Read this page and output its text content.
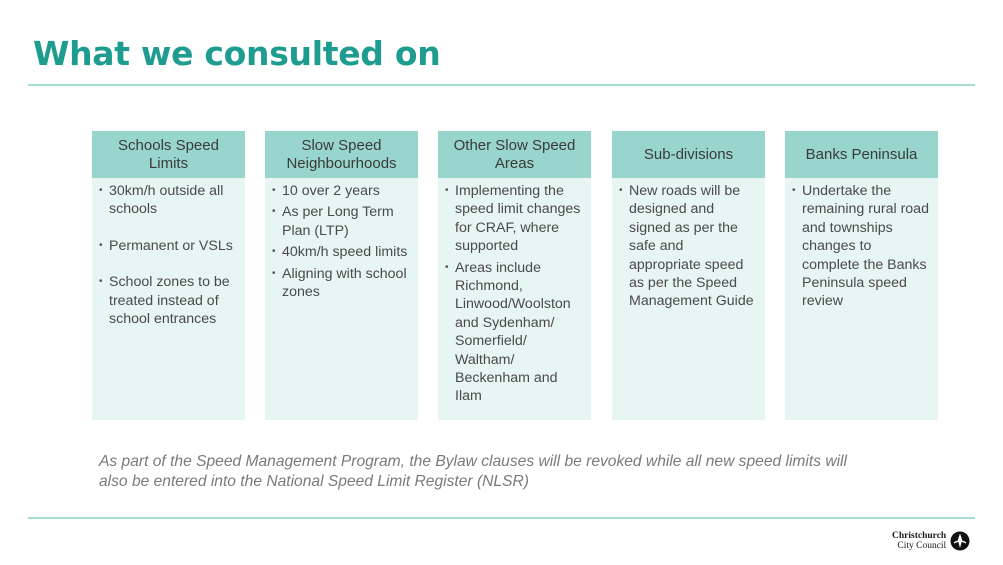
What we consulted on
Schools Speed Limits
• 30km/h outside all schools
• Permanent or VSLs
• School zones to be treated instead of school entrances
Slow Speed Neighbourhoods
• 10 over 2 years
• As per Long Term Plan (LTP)
• 40km/h speed limits
• Aligning with school zones
Other Slow Speed Areas
• Implementing the speed limit changes for CRAF, where supported
• Areas include Richmond, Linwood/Woolston and Sydenham/ Somerfield/ Waltham/ Beckenham and Ilam
Sub-divisions
• New roads will be designed and signed as per the safe and appropriate speed as per the Speed Management Guide
Banks Peninsula
• Undertake the remaining rural road and townships changes to complete the Banks Peninsula speed review

As part of the Speed Management Program, the Bylaw clauses will be revoked while all new speed limits will also be entered into the National Speed Limit Register (NLSR)

Christchurch
City Council
